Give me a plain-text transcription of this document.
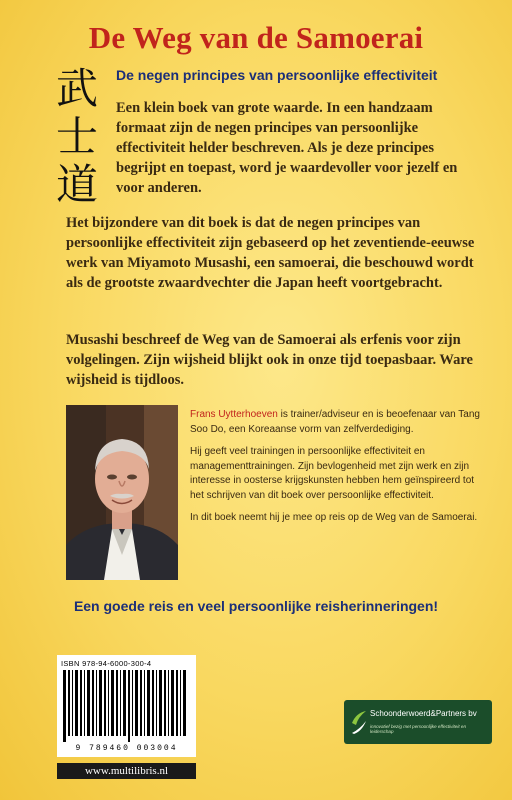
De Weg van de Samoerai
武
士
道
De negen principes van persoonlijke effectiviteit
Een klein boek van grote waarde. In een handzaam formaat zijn de negen principes van persoonlijke effectiviteit helder beschreven. Als je deze principes begrijpt en toepast, word je waardevoller voor jezelf en voor anderen.
Het bijzondere van dit boek is dat de negen principes van persoonlijke effectiviteit zijn gebaseerd op het zeventiende-eeuwse werk van Miyamoto Musashi, een samoerai, die beschouwd wordt als de grootste zwaardvechter die Japan heeft voortgebracht.
Musashi beschreef de Weg van de Samoerai als erfenis voor zijn volgelingen. Zijn wijsheid blijkt ook in onze tijd toepasbaar. Ware wijsheid is tijdloos.

Frans Uytterhoeven is trainer/adviseur en is beoefenaar van Tang Soo Do, een Koreaanse vorm van zelfverdediging.

Hij geeft veel trainingen in persoonlijke effectiviteit en managementtrainingen. Zijn bevlogenheid met zijn werk en zijn interesse in oosterse krijgskunsten hebben hem geïnspireerd tot het schrijven van dit boek over persoonlijke effectiviteit.

In dit boek neemt hij je mee op reis op de Weg van de Samoerai.

Een goede reis en veel persoonlijke reisherinneringen!
ISBN 978-94-6000-300-4
9 789460 003004
www.multilibris.nl
Schoonderwoerd&Partners bv
innovatief bezig met persoonlijke effectiviteit en leiderschap
